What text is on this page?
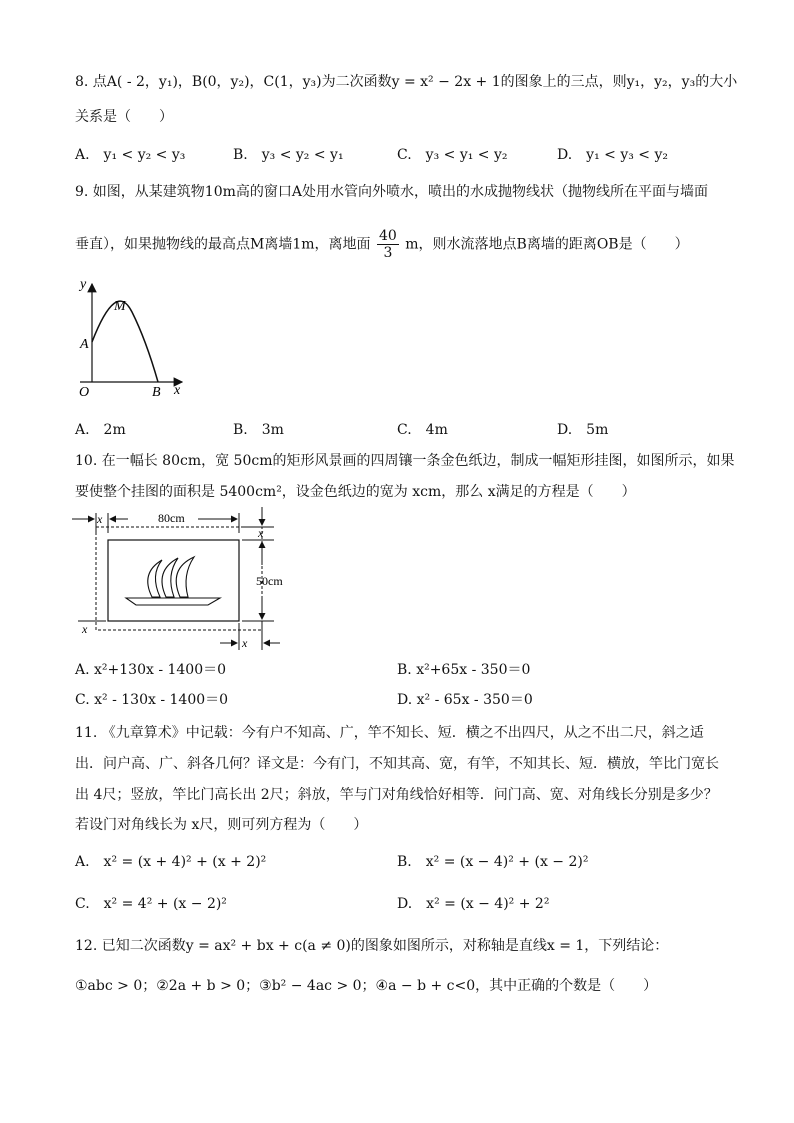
8. 点A( - 2，y₁)，B(0，y₂)，C(1，y₃)为二次函数y = x² − 2x + 1的图象上的三点，则y₁，y₂，y₃的大小
关系是（　　）
A.　y₁ < y₂ < y₃	B.　y₃ < y₂ < y₁	C.　y₃ < y₁ < y₂	D.　y₁ < y₃ < y₂
9. 如图，从某建筑物10m高的窗口A处用水管向外喷水，喷出的水成抛物线状（抛物线所在平面与墙面
垂直），如果抛物线的最高点M离墙1m，离地面 $\frac{40}{3}$ m，则水流落地点B离墙的距离OB是（　　）
y
M
A
O	B x
A.　2m	B.　3m	C.　4m	D.　5m
10. 在一幅长 80cm，宽 50cm的矩形风景画的四周镶一条金色纸边，制成一幅矩形挂图，如图所示，如果
要使整个挂图的面积是 5400cm²，设金色纸边的宽为 xcm，那么 x满足的方程是（　　）
x	80cm
x
50cm
x
x
A. x²+130x - 1400＝0	B. x²+65x - 350＝0
C. x² - 130x - 1400＝0	D. x² - 65x - 350＝0
11. 《九章算术》中记载：今有户不知高、广，竿不知长、短．横之不出四尺，从之不出二尺，斜之适
出．问户高、广、斜各几何？译文是：今有门，不知其高、宽，有竿，不知其长、短．横放，竿比门宽长
出 4尺；竖放，竿比门高长出 2尺；斜放，竿与门对角线恰好相等．问门高、宽、对角线长分别是多少？
若设门对角线长为 x尺，则可列方程为（　　）
A.　x² = (x + 4)² + (x + 2)²	B.　x² = (x − 4)² + (x − 2)²
C.　x² = 4² + (x − 2)²	D.　x² = (x − 4)² + 2²
12. 已知二次函数y = ax² + bx + c(a ≠ 0)的图象如图所示，对称轴是直线x = 1，下列结论：
①abc > 0；②2a + b > 0；③b² − 4ac > 0；④a − b + c<0，其中正确的个数是（　　）
